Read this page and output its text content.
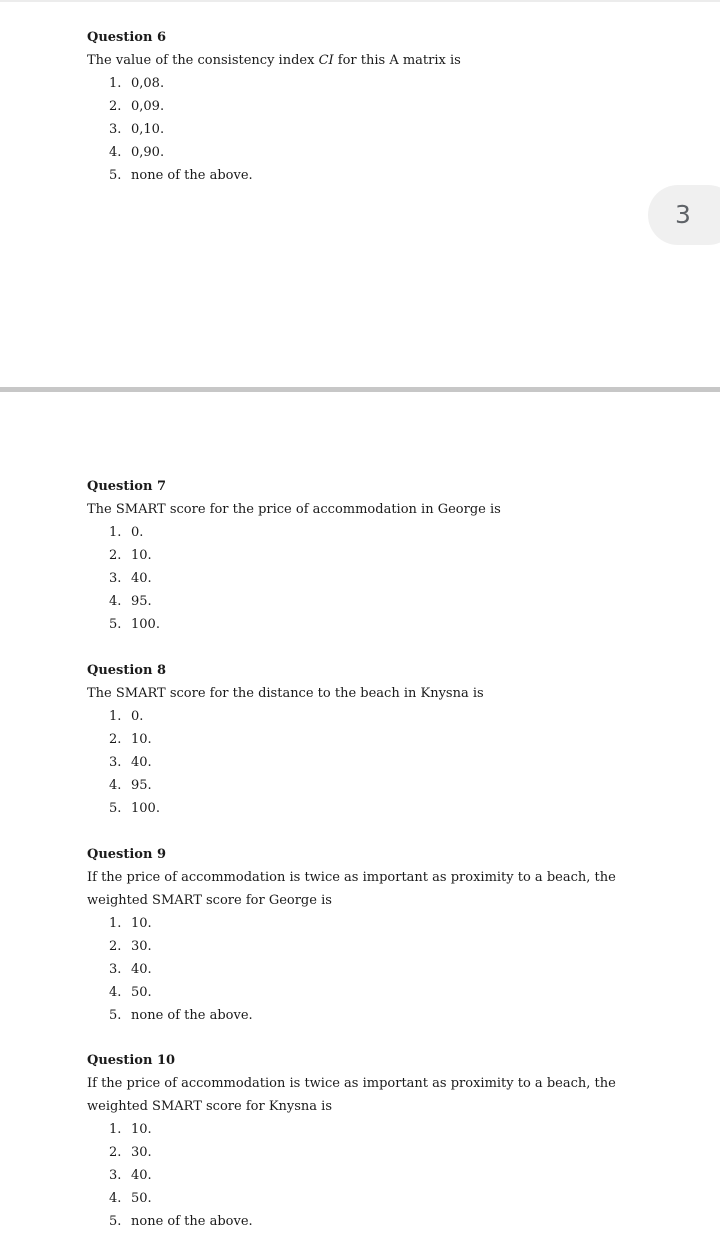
3
Question 6
The value of the consistency index CI for this A matrix is
1. 0,08.
2. 0,09.
3. 0,10.
4. 0,90.
5. none of the above.
Question 7
The SMART score for the price of accommodation in George is
1. 0.
2. 10.
3. 40.
4. 95.
5. 100.
Question 8
The SMART score for the distance to the beach in Knysna is
1. 0.
2. 10.
3. 40.
4. 95.
5. 100.
Question 9
If the price of accommodation is twice as important as proximity to a beach, the
weighted SMART score for George is
1. 10.
2. 30.
3. 40.
4. 50.
5. none of the above.
Question 10
If the price of accommodation is twice as important as proximity to a beach, the
weighted SMART score for Knysna is
1. 10.
2. 30.
3. 40.
4. 50.
5. none of the above.
